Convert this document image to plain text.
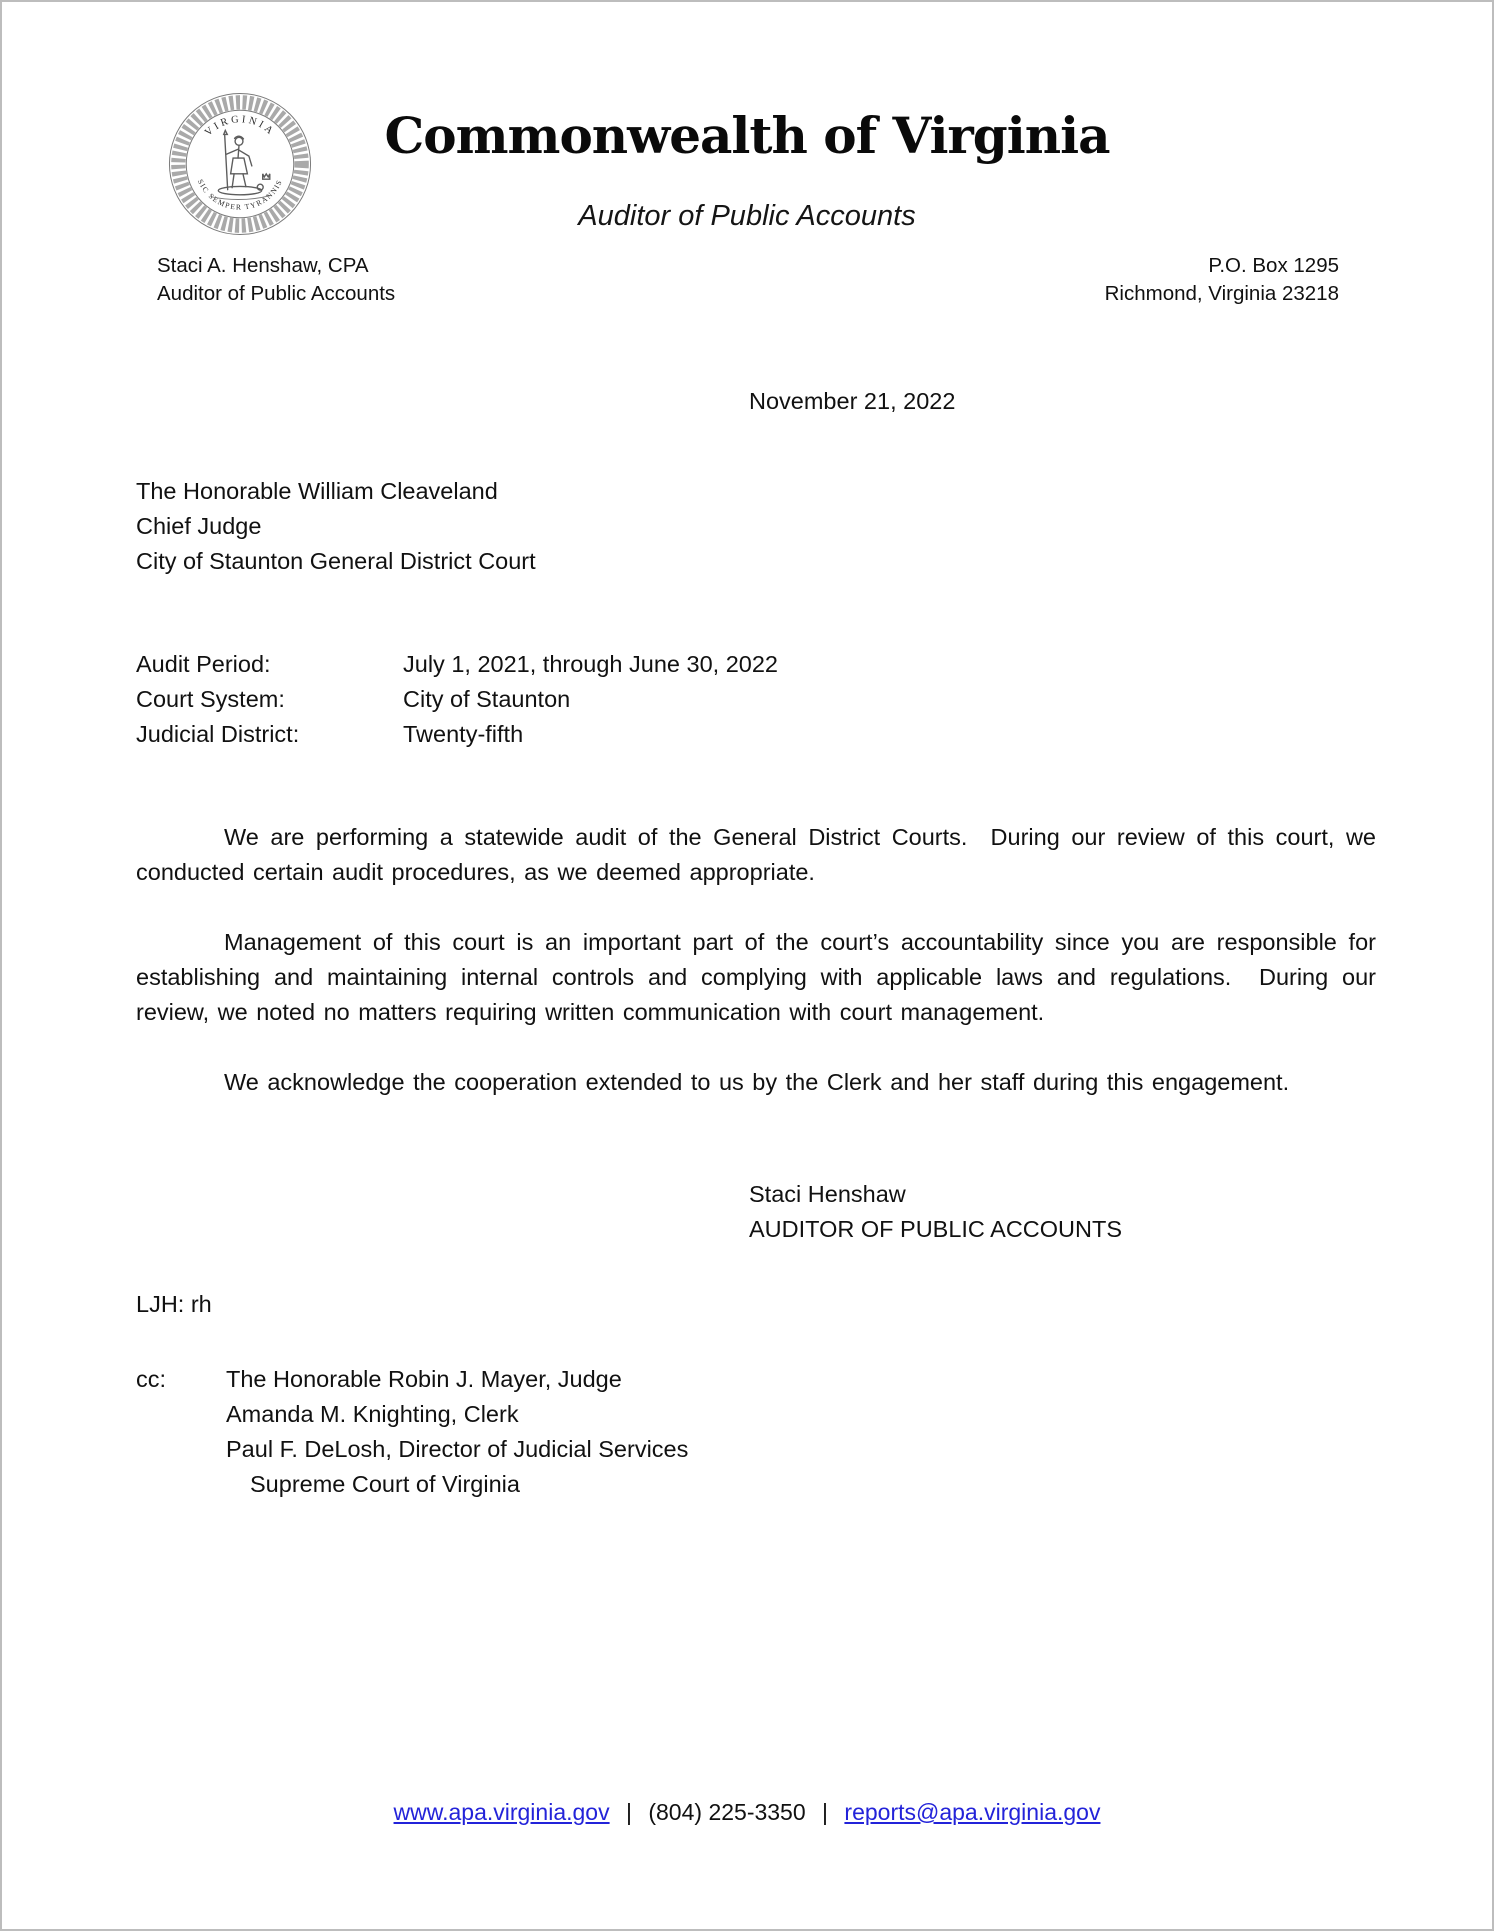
VIRGINIA
SIC SEMPER TYRANNIS
Commonwealth of Virginia
Auditor of Public Accounts
Staci A. Henshaw, CPA
Auditor of Public Accounts
P.O. Box 1295
Richmond, Virginia 23218
November 21, 2022
The Honorable William Cleaveland
Chief Judge
City of Staunton General District Court
Audit Period:	July 1, 2021, through June 30, 2022
Court System:	City of Staunton
Judicial District:	Twenty-fifth

We are performing a statewide audit of the General District Courts.  During our review of this court, we conducted certain audit procedures, as we deemed appropriate.

Management of this court is an important part of the court’s accountability since you are responsible for establishing and maintaining internal controls and complying with applicable laws and regulations.  During our review, we noted no matters requiring written communication with court management.

We acknowledge the cooperation extended to us by the Clerk and her staff during this engagement.

Staci Henshaw
AUDITOR OF PUBLIC ACCOUNTS
LJH: rh
cc:	The Honorable Robin J. Mayer, Judge
Amanda M. Knighting, Clerk
Paul F. DeLosh, Director of Judicial Services
Supreme Court of Virginia
www.apa.virginia.gov | (804) 225-3350 | reports@apa.virginia.gov
